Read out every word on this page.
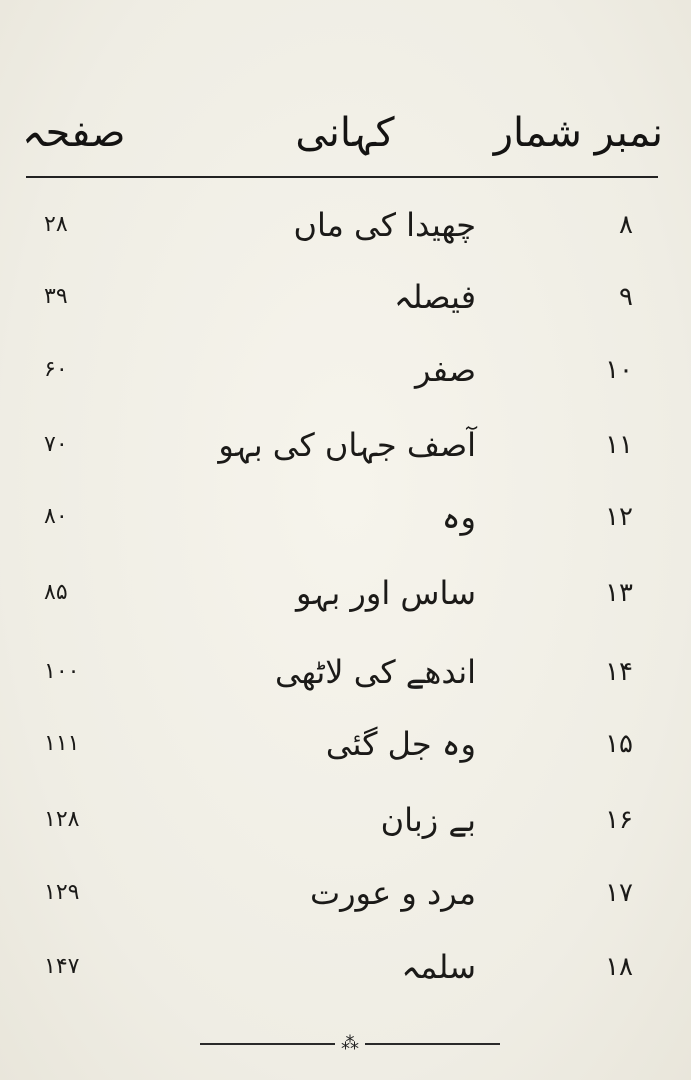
نمبر شمار
کہانی
صفحہ
۸
چھیدا کی ماں
۲۸
۹
فیصلہ
۳۹
۱۰
صفر
۶۰
۱۱
آصف جہاں کی بہو
۷۰
۱۲
وہ
۸۰
۱۳
ساس اور بہو
۸۵
۱۴
اندھے کی لاٹھی
۱۰۰
۱۵
وہ جل گئی
۱۱۱
۱۶
بے زبان
۱۲۸
۱۷
مرد و عورت
۱۲۹
۱۸
سلمہ
۱۴۷
⁂
